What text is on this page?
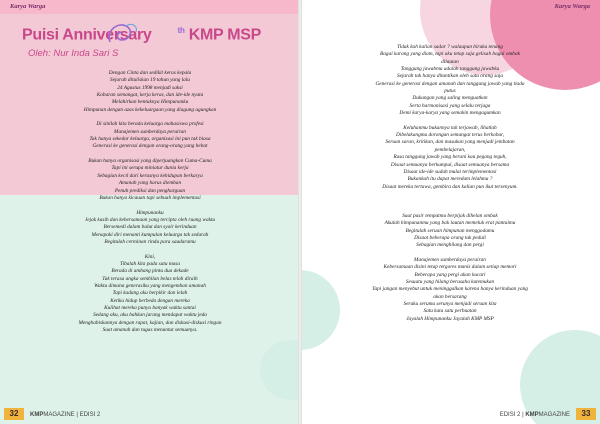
Karya Warga
Puisi Anniversary	$^{th}$ KMP MSP
Oleh: Nur Inda Sari S
Dengan Cinta dan sedikit keras kepala
Sejarah dituliskan 19 tahun yang lalu
24 Agustus 1998 menjadi saksi
Kobaran semangat, kerja keras, dan ide-ide nyata
Melahirkan bentuknya Himpunanku
Himpunan dengan azas kekeluargaan yang diagung agungkan
Di sinilah kita berada keluarga mahasiswa profesi
Manajemen sumberdaya perairan
Tak hanya sekedar keluarga, organisasi ini pun tak biasa
Generasi ke generasi dengan orang-orang yang hebat
Bukan hanya organisasi yang diperjuangkan Cuma-Cuma
Tapi ini serupa miniatur dunia kerja
Sebagian kecil dari kerasnya kehidupan berkarya
Amanah yang harus diemban
Penuh prediksi dan penghargaan
Bukan hanya kicauan tapi sebuah implementasi
Himpunanku
Jejak kasih dan kebersamaan yang tercipta oleh ruang waktu
Bersemedi dalam balut dan syair kerinduan
Menapaki diri menanti kumpulan keluarga tak sedarah
Begitulah cerminan rindu para saudaramu
Kini,
Tibalah kita pada satu masa
Berada di ambang pintu dua dekade
Tak terasa angka sembilan belas telah diraih
Waktu dimana generasiku yang mengemban amanah
Tapi kadang aku berpikir dan lelah
Ketika hidup berbeda dengan mereka
Kulihat mereka punya banyak waktu santai
Sedang aku, aku bahkan jarang mendapat waktu jeda
Menghabiskannya dengan rapat, kajian, dan diskusi-diskusi ringan
Saat amanah dan tugas menuntut semuanya.
32	KMPMAGAZINE | EDISI 2
Karya Warga
Tidak kah kalian sadar ? walaupun biruku tenang
Bagai karang yang diam, tapi aku tetap saja gelisah bagai ombak
dilautan
Tanggung jawabmu adalah tanggung jawabku
Sejarah tak hanya dituntikan oleh satu orang saja
Generasi ke generasi dengan amanah dan tanggung jawab yang tiada
putus
Dukungan yang saling menguatkan
Serta harmonisasi yang selalu terjaga
Demi karya-karya yang semakin mengagumkan
Keluhanmu bukannya tak terjawab, lihatlah
Dibelakangmu dorongan semangat terus berkobar,
Seruan saran, kritikan, dan masukan yang menjadi jembatan
pembelajaran,
Rasa tanggung jawab yang berani kau pegang teguh,
Disaat semuanya berkumpul, disaat semuanya bersama
Disaat ide-ide sudah mulai terimplementasi
Bukankah itu dapat meredam lelahmu ?
Disaat mereka tertawa, gembira dan kalian pun ikut tersenyum.
Saat pasir tempatmu berpijak dihelan ombak
Akulah himpunanmu yang bak lautan memeluk erat pantaimu
Begitulah seruan himpunan menggodamu
Disaat beberapa orang tak peduli
Sebagian menghilang dan pergi
Manajemen sumberdaya perairan
Kebersamaan disini tetap tergores manis dalam setiap memori
Beberapa yang pergi akan kucari
Sesuatu yang hilang berusaha kutemukan
Tapi jangan menyebut untuk meninggalkan karena hanya kerinduan yang
akan bersarang
Seruku serumu serunya menjadi seruan kita
Satu kata satu perbuatan
Jayalah Himpunanku Jayalah KMP MSP
EDISI 2 | KMPMAGAZINE	33
